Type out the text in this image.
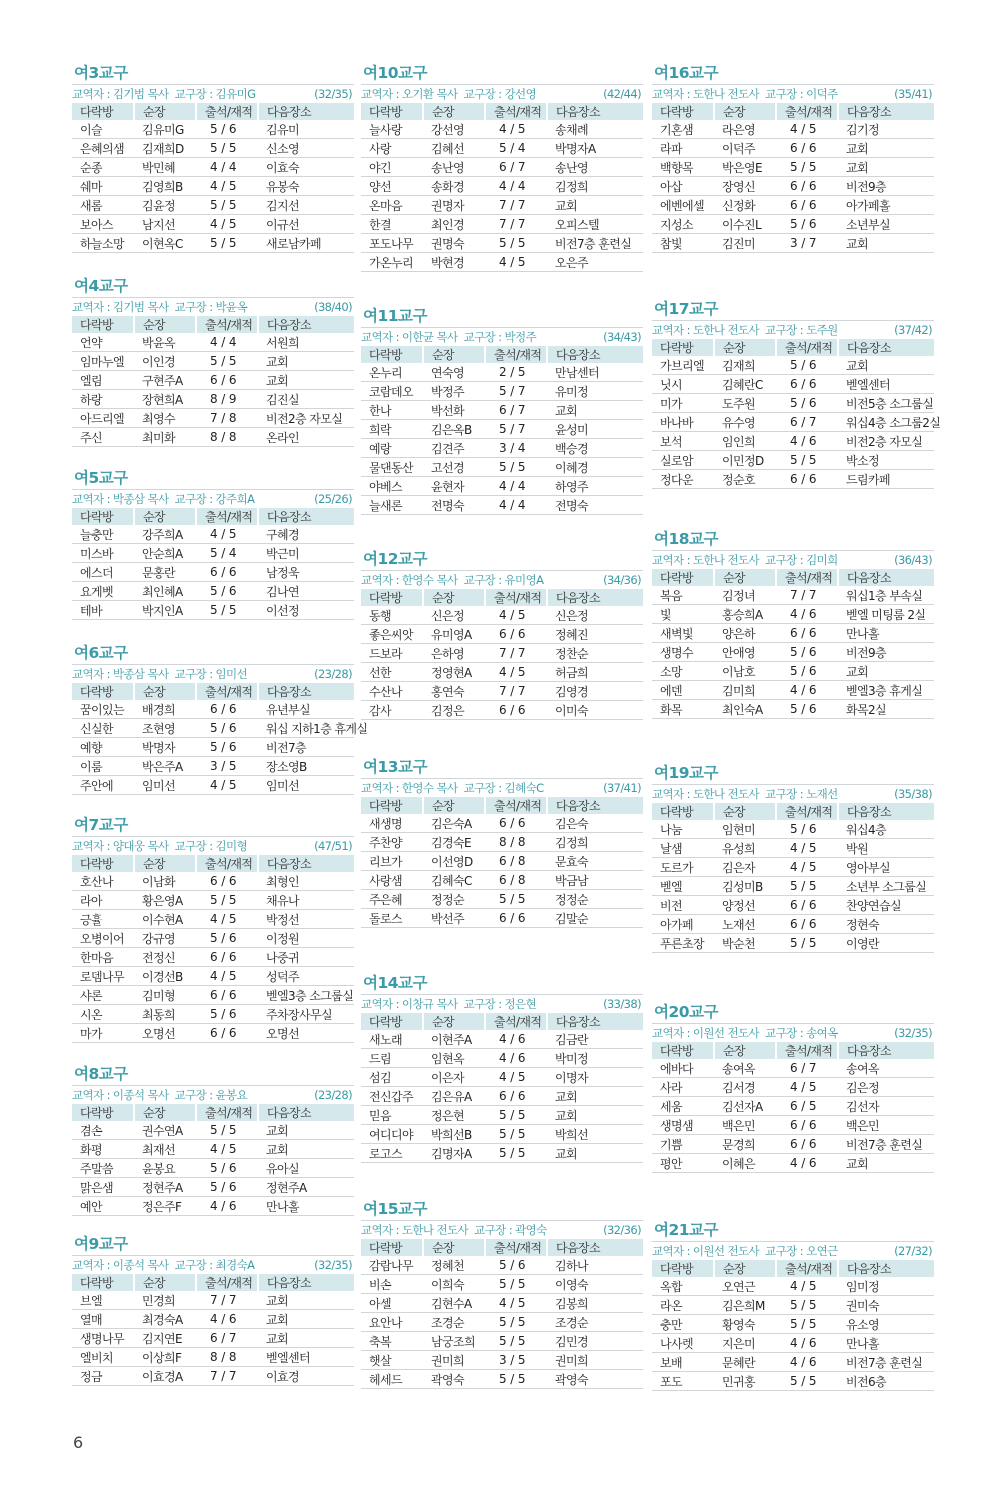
여3교구
교역자 : 김기범 목사 교구장 : 김유미G	(32/35)
다락방	순장	출석/재적	다음장소
이슬	김유미G	5 / 6	김유미
은혜의샘	김재희D	5 / 5	신소영
순종	박민혜	4 / 4	이효숙
쉐마	김영희B	4 / 5	유봉숙
새롬	김윤정	5 / 5	김지선
보아스	남지선	4 / 5	이규선
하늘소망	이현옥C	5 / 5	새로남카페
여4교구
교역자 : 김기범 목사 교구장 : 박윤옥	(38/40)
다락방	순장	출석/재적	다음장소
언약	박윤옥	4 / 4	서원희
임마누엘	이인경	5 / 5	교회
엘림	구현주A	6 / 6	교회
하랑	장현희A	8 / 9	김진실
아드리엘	최영수	7 / 8	비전2층 자모실
주신	최미화	8 / 8	온라인
여5교구
교역자 : 박종삼 목사 교구장 : 강주희A	(25/26)
다락방	순장	출석/재적	다음장소
늘충만	강주희A	4 / 5	구혜경
미스바	안순희A	5 / 4	박근미
에스더	문홍란	6 / 6	남정욱
요게벳	최인혜A	5 / 6	김나연
테바	박지인A	5 / 5	이선정
여6교구
교역자 : 박종삼 목사 교구장 : 임미선	(23/28)
다락방	순장	출석/재적	다음장소
꿈이있는	배경희	6 / 6	유년부실
신실한	조현영	5 / 6	워십 지하1층 휴게실
예향	박명자	5 / 6	비전7층
이룸	박은주A	3 / 5	장소영B
주안에	임미선	4 / 5	임미선
여7교구
교역자 : 양대웅 목사 교구장 : 김미형	(47/51)
다락방	순장	출석/재적	다음장소
호산나	이남화	6 / 6	최형인
라아	황은영A	5 / 5	채유나
긍휼	이수현A	4 / 5	박정선
오병이어	강규영	5 / 6	이정원
한마음	전정신	6 / 6	나중귀
로뎀나무	이경선B	4 / 5	성덕주
샤론	김미형	6 / 6	벧엘3층 소그룹실
시온	최동희	5 / 6	주차장사무실
마가	오명선	6 / 6	오명선
여8교구
교역자 : 이종석 목사 교구장 : 윤봉요	(23/28)
다락방	순장	출석/재적	다음장소
겸손	권수연A	5 / 5	교회
화평	최재선	4 / 5	교회
주말씀	윤봉요	5 / 6	유아실
맑은샘	정현주A	5 / 6	정현주A
예안	정은주F	4 / 6	만나홀
여9교구
교역자 : 이종석 목사 교구장 : 최경숙A	(32/35)
다락방	순장	출석/재적	다음장소
브엘	민경희	7 / 7	교회
열매	최경숙A	4 / 6	교회
생명나무	김지연E	6 / 7	교회
엘비치	이상희F	8 / 8	벧엘센터
정금	이효경A	7 / 7	이효경
여10교구
교역자 : 오기환 목사 교구장 : 강선영	(42/44)
다락방	순장	출석/재적	다음장소
늘사랑	강선영	4 / 5	송채례
사랑	김혜선	5 / 4	박명자A
야긴	송난영	6 / 7	송난영
양선	송화경	4 / 4	김정희
온마음	권명자	7 / 7	교회
한결	최인경	7 / 7	오피스텔
포도나무	권명숙	5 / 5	비전7층 훈련실
가온누리	박현경	4 / 5	오은주
여11교구
교역자 : 이한균 목사 교구장 : 박정주	(34/43)
다락방	순장	출석/재적	다음장소
온누리	연숙영	2 / 5	만남센터
코람데오	박정주	5 / 7	유미정
한나	박선화	6 / 7	교회
희락	김은옥B	5 / 7	윤성미
예랑	김견주	3 / 4	백승경
물댄동산	고선경	5 / 5	이혜경
야베스	윤현자	4 / 4	하영주
늘새론	전명숙	4 / 4	전명숙
여12교구
교역자 : 한영수 목사 교구장 : 유미영A	(34/36)
다락방	순장	출석/재적	다음장소
동행	신은정	4 / 5	신은정
좋은씨앗	유미영A	6 / 6	정혜진
드보라	은하영	7 / 7	정찬순
선한	정영현A	4 / 5	허금희
수산나	홍연숙	7 / 7	김영경
감사	김정은	6 / 6	이미숙
여13교구
교역자 : 한영수 목사 교구장 : 김혜숙C	(37/41)
다락방	순장	출석/재적	다음장소
새생명	김은숙A	6 / 6	김은숙
주찬양	김경숙E	8 / 8	김정희
리브가	이선영D	6 / 8	문효숙
사랑샘	김혜숙C	6 / 8	박금남
주은혜	정정순	5 / 5	정정순
돌로스	박선주	6 / 6	김말순
여14교구
교역자 : 이창규 목사 교구장 : 정은현	(33/38)
다락방	순장	출석/재적	다음장소
새노래	이현주A	4 / 6	김금란
드림	임현옥	4 / 6	박미정
섬김	이은자	4 / 5	이명자
전신갑주	김은유A	6 / 6	교회
믿음	정은현	5 / 5	교회
여디디야	박희선B	5 / 5	박희선
로고스	김명자A	5 / 5	교회
여15교구
교역자 : 도한나 전도사 교구장 : 곽영숙	(32/36)
다락방	순장	출석/재적	다음장소
감람나무	정혜천	5 / 6	김하나
비손	이희숙	5 / 5	이영숙
아셀	김현수A	4 / 5	김봉희
요안나	조경순	5 / 5	조경순
축복	남궁조희	5 / 5	김민경
햇살	권미희	3 / 5	권미희
헤세드	곽영숙	5 / 5	곽영숙
여16교구
교역자 : 도한나 전도사 교구장 : 이덕주	(35/41)
다락방	순장	출석/재적	다음장소
기혼샘	라은영	4 / 5	김기정
라파	이덕주	6 / 6	교회
백향목	박은영E	5 / 5	교회
아삽	장영신	6 / 6	비전9층
에벤에셀	신정화	6 / 6	아가페홀
지성소	이수진L	5 / 6	소년부실
참빛	김진미	3 / 7	교회
여17교구
교역자 : 도한나 전도사 교구장 : 도주원	(37/42)
다락방	순장	출석/재적	다음장소
가브리엘	김재희	5 / 6	교회
닛시	김혜란C	6 / 6	벧엘센터
미가	도주원	5 / 6	비전5층 소그룹실
바나바	유수영	6 / 7	워십4층 소그룹2실
보석	임인희	4 / 6	비전2층 자모실
실로암	이민정D	5 / 5	박소정
정다운	정순호	6 / 6	드림카페
여18교구
교역자 : 도한나 전도사 교구장 : 김미희	(36/43)
다락방	순장	출석/재적	다음장소
복음	김정녀	7 / 7	워십1층 부속실
빛	홍승희A	4 / 6	벧엘 미팅룸 2실
새벽빛	양은하	6 / 6	만나홀
생명수	안애영	5 / 6	비전9층
소망	이남호	5 / 6	교회
에덴	김미희	4 / 6	벧엘3층 휴게실
화목	최인숙A	5 / 6	화목2실
여19교구
교역자 : 도한나 전도사 교구장 : 노재선	(35/38)
다락방	순장	출석/재적	다음장소
나눔	임현미	5 / 6	워십4층
날샘	유성희	4 / 5	박원
도르가	김은자	4 / 5	영아부실
벧엘	김성미B	5 / 5	소년부 소그룹실
비전	양정선	6 / 6	찬양연습실
아가페	노재선	6 / 6	정현숙
푸른초장	박순천	5 / 5	이영란
여20교구
교역자 : 이원선 전도사 교구장 : 송여옥	(32/35)
다락방	순장	출석/재적	다음장소
에바다	송여옥	6 / 7	송여옥
사라	김서경	4 / 5	김은정
세움	김선자A	6 / 5	김선자
생명샘	백은민	6 / 6	백은민
기쁨	문경희	6 / 6	비전7층 훈련실
평안	이혜은	4 / 6	교회
여21교구
교역자 : 이원선 전도사 교구장 : 오연근	(27/32)
다락방	순장	출석/재적	다음장소
옥합	오연근	4 / 5	임미정
라온	김은희M	5 / 5	권미숙
충만	황영숙	5 / 5	유소영
나사렛	지은미	4 / 6	만나홀
보배	문혜란	4 / 6	비전7층 훈련실
포도	민귀홍	5 / 5	비전6층
6
